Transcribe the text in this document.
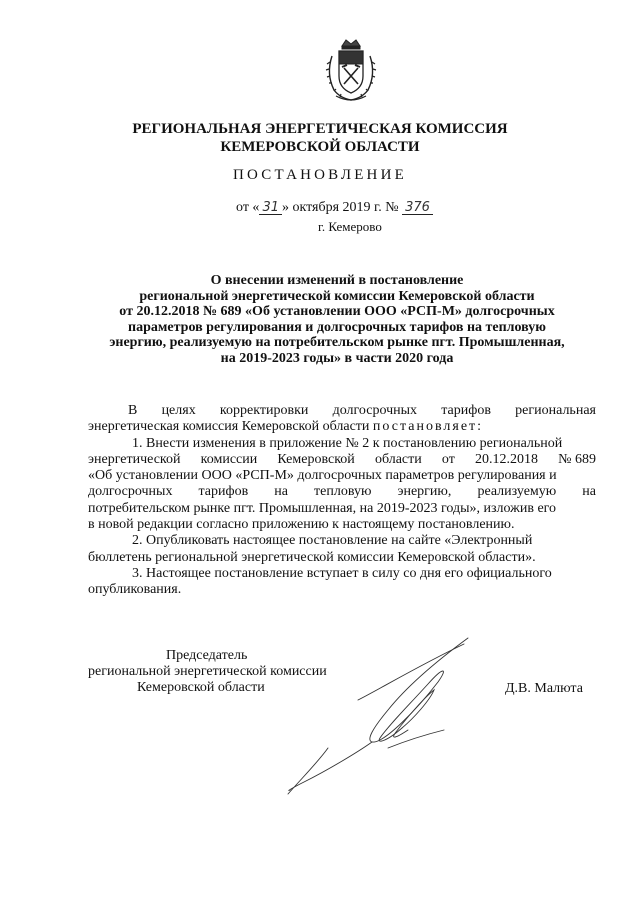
РЕГИОНАЛЬНАЯ ЭНЕРГЕТИЧЕСКАЯ КОМИССИЯ
КЕМЕРОВСКОЙ ОБЛАСТИ
ПОСТАНОВЛЕНИЕ
от « 31 » октября 2019 г. № 376
г. Кемерово
О внесении изменений в постановление
региональной энергетической комиссии Кемеровской области
от 20.12.2018 № 689 «Об установлении ООО «РСП-М» долгосрочных
параметров регулирования и долгосрочных тарифов на тепловую
энергию, реализуемую на потребительском рынке пгт. Промышленная,
на 2019-2023 годы» в части 2020 года
В целях корректировки долгосрочных тарифов региональная
энергетическая комиссия Кемеровской области постановляет:
1. Внести изменения в приложение № 2 к постановлению региональной
энергетической комиссии Кемеровской области от 20.12.2018 № 689
«Об установлении ООО «РСП-М» долгосрочных параметров регулирования и
долгосрочных тарифов на тепловую энергию, реализуемую на
потребительском рынке пгт. Промышленная, на 2019-2023 годы», изложив его
в новой редакции согласно приложению к настоящему постановлению.
2. Опубликовать настоящее постановление на сайте «Электронный
бюллетень региональной энергетической комиссии Кемеровской области».
3. Настоящее постановление вступает в силу со дня его официального
опубликования.
Председатель
региональной энергетической комиссии
Кемеровской области	Д.В. Малюта
